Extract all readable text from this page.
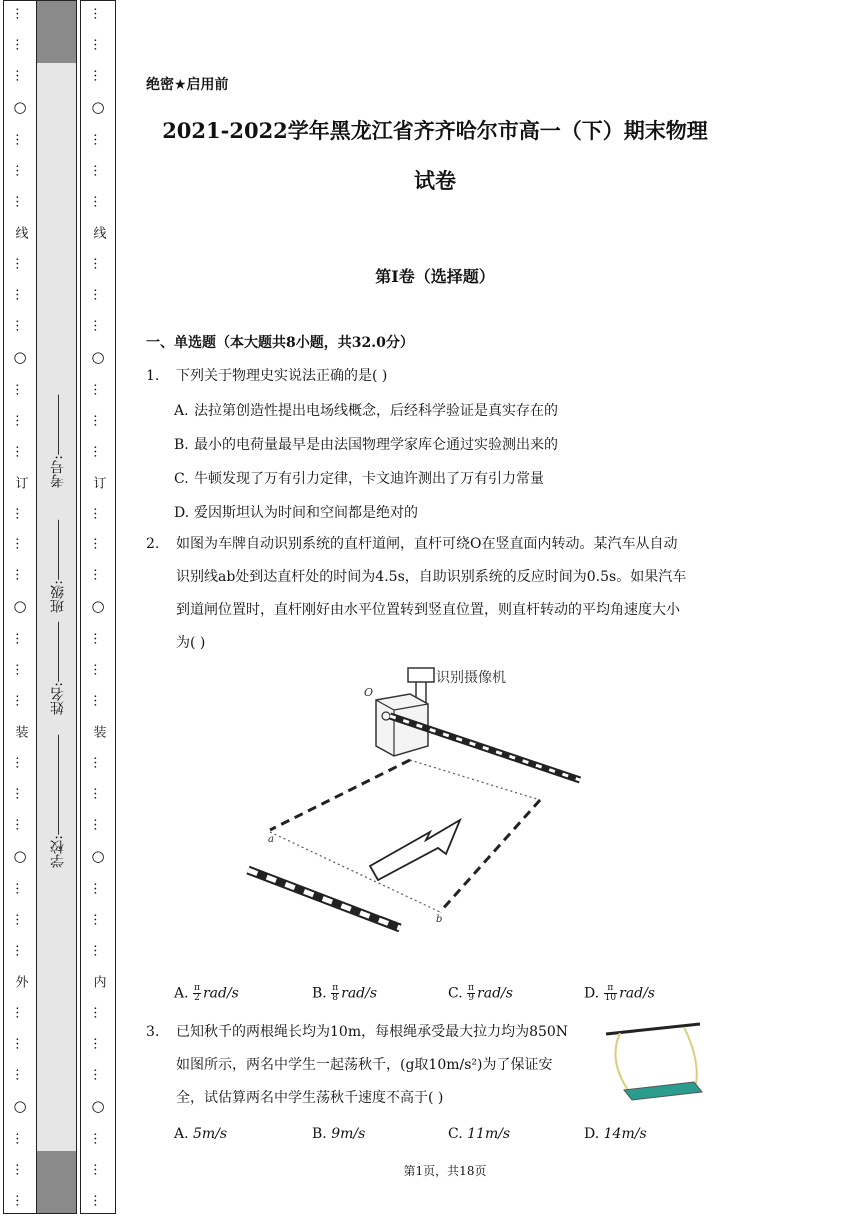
…
…
…
○
…
…
…
线
…
…
…
○
…
…
…
订
…
…
…
○
…
…
…
装
…
…
…
○
…
…
…
外
…
…
…
○
…
…
…
学校:
姓名:
班级:
考号:
…
…
…
○
…
…
…
线
…
…
…
○
…
…
…
订
…
…
…
○
…
…
…
装
…
…
…
○
…
…
…
内
…
…
…
○
…
…
…
绝密★启用前
2021-2022学年黑龙江省齐齐哈尔市高一（下）期末物理
试卷
第I卷（选择题）
一、单选题（本大题共8小题，共32.0分）
1.	下列关于物理史实说法正确的是( )
A. 法拉第创造性提出电场线概念，后经科学验证是真实存在的
B. 最小的电荷量最早是由法国物理学家库仑通过实验测出来的
C. 牛顿发现了万有引力定律，卡文迪许测出了万有引力常量
D. 爱因斯坦认为时间和空间都是绝对的
2.	如图为车牌自动识别系统的直杆道闸，直杆可绕O在竖直面内转动。某汽车从自动
识别线ab处到达直杆处的时间为4.5s，自助识别系统的反应时间为0.5s。如果汽车
到道闸位置时，直杆刚好由水平位置转到竖直位置，则直杆转动的平均角速度大小
为( )
识别摄像机
O
a
b
A. $\frac{\pi}{2} rad/s$	B. $\frac{\pi}{8} rad/s$	C. $\frac{\pi}{9} rad/s$	D. $\frac{\pi}{10} rad/s$
3.	已知秋千的两根绳长均为10m，每根绳承受最大拉力均为850N
如图所示，两名中学生一起荡秋千，(g取10m/s²)为了保证安
全，试估算两名中学生荡秋千速度不高于( )
A. 5m/s	B. 9m/s	C. 11m/s	D. 14m/s
第1页，共18页
